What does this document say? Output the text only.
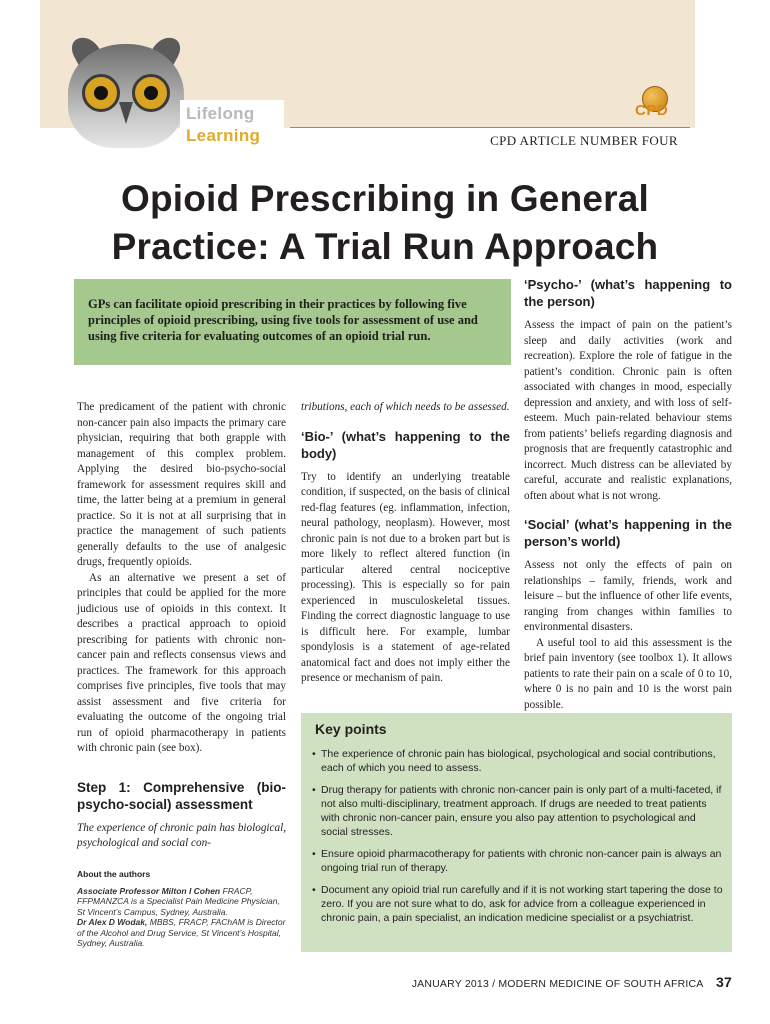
Lifelong
Learning
CPD
CPD ARTICLE NUMBER FOUR
Opioid Prescribing in General Practice: A Trial Run Approach

GPs can facilitate opioid prescribing in their practices by following five principles of opioid prescribing, using five tools for assessment of use and using five criteria for evaluating outcomes of an opioid trial run.

The predicament of the patient with chronic non-cancer pain also impacts the primary care physician, requiring that both grapple with management of this complex problem. Applying the desired bio-psycho-social framework for assessment requires skill and time, the latter being at a premium in general practice. So it is not at all surprising that in practice the management of such patients generally defaults to the use of analgesic drugs, frequently opioids.

As an alternative we present a set of principles that could be applied for the more judicious use of opioids in this context. It describes a practical approach to opioid prescribing for patients with chronic non-cancer pain and reflects consensus views and practices. The framework for this approach comprises five principles, five tools that may assist assessment and five criteria for evaluating the outcome of the ongoing trial run of opioid pharmacotherapy in patients with chronic pain (see box).

Step 1: Comprehensive (bio-psycho-social) assessment

The experience of chronic pain has biological, psychological and social con-

About the authors

Associate Professor Milton I Cohen FRACP, FFPMANZCA is a Specialist Pain Medicine Physician, St Vincent’s Campus, Sydney, Australia.

Dr Alex D Wodak, MBBS, FRACP, FAChAM is Director of the Alcohol and Drug Service, St Vincent’s Hospital, Sydney, Australia.

tributions, each of which needs to be assessed.

‘Bio-’ (what’s happening to the body)

Try to identify an underlying treatable condition, if suspected, on the basis of clinical red-flag features (eg. inflammation, infection, neural pathology, neoplasm). However, most chronic pain is not due to a broken part but is more likely to reflect altered function (in particular altered central nociceptive processing). This is especially so for pain experienced in musculoskeletal tissues. Finding the correct diagnostic language to use is difficult here. For example, lumbar spondylosis is a statement of age-related anatomical fact and does not imply either the presence or mechanism of pain.

‘Psycho-’ (what’s happening to the person)

Assess the impact of pain on the patient’s sleep and daily activities (work and recreation). Explore the role of fatigue in the patient’s condition. Chronic pain is often associated with changes in mood, especially depression and anxiety, and with loss of self-esteem. Much pain-related behaviour stems from patients’ beliefs regarding diagnosis and prognosis that are frequently catastrophic and incorrect. Much distress can be alleviated by careful, accurate and realistic explanations, often about what is not wrong.

‘Social’ (what’s happening in the person’s world)

Assess not only the effects of pain on relationships – family, friends, work and leisure – but the influence of other life events, ranging from changes within families to environmental disasters.

A useful tool to aid this assessment is the brief pain inventory (see toolbox 1). It allows patients to rate their pain on a scale of 0 to 10, where 0 is no pain and 10 is the worst pain possible.

Key points
• The experience of chronic pain has biological, psychological and social contributions, each of which you need to assess.
• Drug therapy for patients with chronic non-cancer pain is only part of a multi-faceted, if not also multi-disciplinary, treatment approach. If drugs are needed to treat patients with chronic non-cancer pain, ensure you also pay attention to psychological and social stresses.
• Ensure opioid pharmacotherapy for patients with chronic non-cancer pain is always an ongoing trial run of therapy.
• Document any opioid trial run carefully and if it is not working start tapering the dose to zero. If you are not sure what to do, ask for advice from a colleague experienced in chronic pain, a pain specialist, an indication medicine specialist or a psychiatrist.
JANUARY 2013 / MODERN MEDICINE OF SOUTH AFRICA 37
